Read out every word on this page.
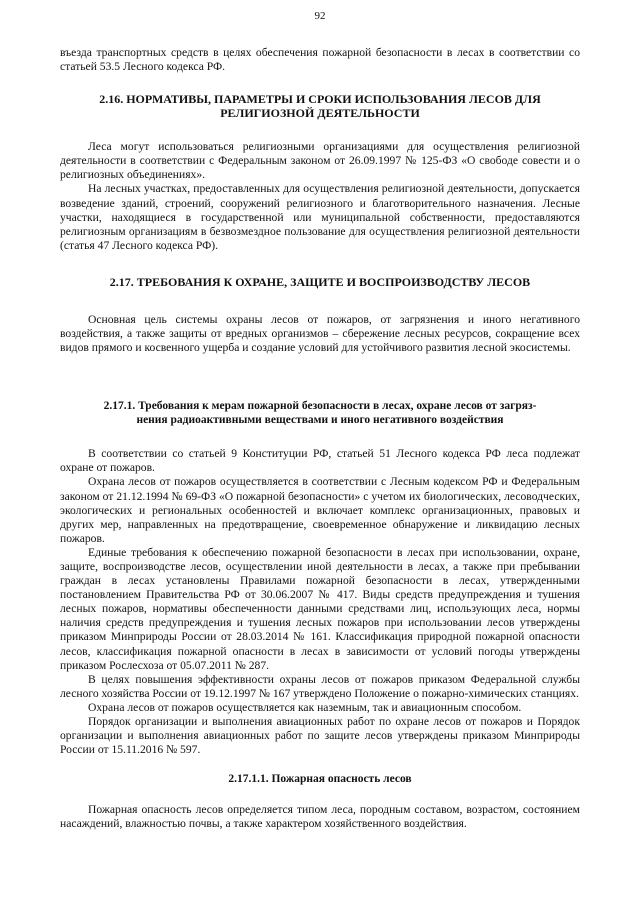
92

въезда транспортных средств в целях обеспечения пожарной безопасности в лесах в соответствии со статьей 53.5 Лесного кодекса РФ.

2.16. НОРМАТИВЫ, ПАРАМЕТРЫ И СРОКИ ИСПОЛЬЗОВАНИЯ ЛЕСОВ ДЛЯ
РЕЛИГИОЗНОЙ ДЕЯТЕЛЬНОСТИ

Леса могут использоваться религиозными организациями для осуществления религиозной деятельности в соответствии с Федеральным законом от 26.09.1997 № 125-ФЗ «О свободе совести и о религиозных объединениях».

На лесных участках, предоставленных для осуществления религиозной деятельности, допускается возведение зданий, строений, сооружений религиозного и благотворительного назначения. Лесные участки, находящиеся в государственной или муниципальной собственности, предоставляются религиозным организациям в безвозмездное пользование для осуществления религиозной деятельности (статья 47 Лесного кодекса РФ).

2.17. ТРЕБОВАНИЯ К ОХРАНЕ, ЗАЩИТЕ И ВОСПРОИЗВОДСТВУ ЛЕСОВ

Основная цель системы охраны лесов от пожаров, от загрязнения и иного негативного воздействия, а также защиты от вредных организмов – сбережение лесных ресурсов, сокращение всех видов прямого и косвенного ущерба и создание условий для устойчивого развития лесной экосистемы.

2.17.1. Требования к мерам пожарной безопасности в лесах, охране лесов от загряз-
нения радиоактивными веществами и иного негативного воздействия

В соответствии со статьей 9 Конституции РФ, статьей 51 Лесного кодекса РФ леса подлежат охране от пожаров.

Охрана лесов от пожаров осуществляется в соответствии с Лесным кодексом РФ и Федеральным законом от 21.12.1994 № 69-ФЗ «О пожарной безопасности» с учетом их биологических, лесоводческих, экологических и региональных особенностей и включает комплекс организационных, правовых и других мер, направленных на предотвращение, своевременное обнаружение и ликвидацию лесных пожаров.

Единые требования к обеспечению пожарной безопасности в лесах при использовании, охране, защите, воспроизводстве лесов, осуществлении иной деятельности в лесах, а также при пребывании граждан в лесах установлены Правилами пожарной безопасности в лесах, утвержденными постановлением Правительства РФ от 30.06.2007 № 417. Виды средств предупреждения и тушения лесных пожаров, нормативы обеспеченности данными средствами лиц, использующих леса, нормы наличия средств предупреждения и тушения лесных пожаров при использовании лесов утверждены приказом Минприроды России от 28.03.2014 № 161. Классификация природной пожарной опасности лесов, классификация пожарной опасности в лесах в зависимости от условий погоды утверждены приказом Рослесхоза от 05.07.2011 № 287.

В целях повышения эффективности охраны лесов от пожаров приказом Федеральной службы лесного хозяйства России от 19.12.1997 № 167 утверждено Положение о пожарно-химических станциях.

Охрана лесов от пожаров осуществляется как наземным, так и авиационным способом.

Порядок организации и выполнения авиационных работ по охране лесов от пожаров и Порядок организации и выполнения авиационных работ по защите лесов утверждены приказом Минприроды России от 15.11.2016 № 597.

2.17.1.1. Пожарная опасность лесов

Пожарная опасность лесов определяется типом леса, породным составом, возрастом, состоянием насаждений, влажностью почвы, а также характером хозяйственного воздействия.
